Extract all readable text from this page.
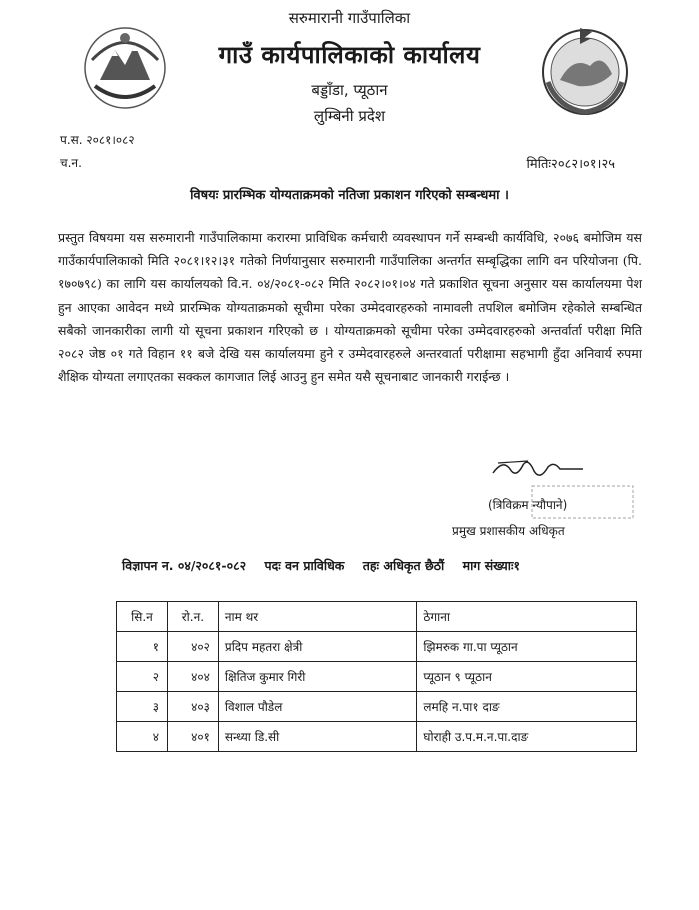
सरुमारानी गाउँपालिका
गाउँ कार्यपालिकाको कार्यालय
बड्डाँडा, प्यूठान
लुम्बिनी प्रदेश
प.स. २०८१।०८२
च.न.	मितिः२०८२।०१।२५
विषयः प्रारम्भिक योग्यताक्रमको नतिजा प्रकाशन गरिएको सम्बन्धमा ।
प्रस्तुत विषयमा यस सरुमारानी गाउँपालिकामा करारमा प्राविधिक कर्मचारी व्यवस्थापन गर्ने सम्बन्धी कार्यविधि, २०७६ बमोजिम यस गाउँकार्यपालिकाको मिति २०८१।१२।३१ गतेको निर्णयानुसार सरुमारानी गाउँपालिका अन्तर्गत सम्बृद्धिका लागि वन परियोजना (पि. १७०७९८) का लागि यस कार्यालयको वि.न. ०४/२०८१-०८२ मिति २०८२।०१।०४ गते प्रकाशित सूचना अनुसार यस कार्यालयमा पेश हुन आएका आवेदन मध्ये प्रारम्भिक योग्यताक्रमको सूचीमा परेका उम्मेदवारहरुको नामावली तपशिल बमोजिम रहेकोले सम्बन्धित सबैको जानकारीका लागी यो सूचना प्रकाशन गरिएको छ । योग्यताक्रमको सूचीमा परेका उम्मेदवारहरुको अन्तर्वार्ता परीक्षा मिति २०८२ जेष्ठ ०१ गते विहान ११ बजे देखि यस कार्यालयमा हुने र उम्मेदवारहरुले अन्तरवार्ता परीक्षामा सहभागी हुँदा अनिवार्य रुपमा शैक्षिक योग्यता लगाएतका सक्कल कागजात लिई आउनु हुन समेत यसै सूचनाबाट जानकारी गराईन्छ ।
(त्रिविक्रम न्यौपाने)
प्रमुख प्रशासकीय अधिकृत
विज्ञापन न. ०४/२०८१-०८२ पदः वन प्राविधिक तहः अधिकृत छैठौं माग संख्याः१
सि.न	रो.न.	नाम थर	ठेगाना
१	४०२	प्रदिप महतरा क्षेत्री	झिमरुक गा.पा प्यूठान
२	४०४	क्षितिज कुमार गिरी	प्यूठान ९ प्यूठान
३	४०३	विशाल पौडेल	लमहि न.पा१ दाङ
४	४०१	सन्ध्या डि.सी	घोराही उ.प.म.न.पा.दाङ
